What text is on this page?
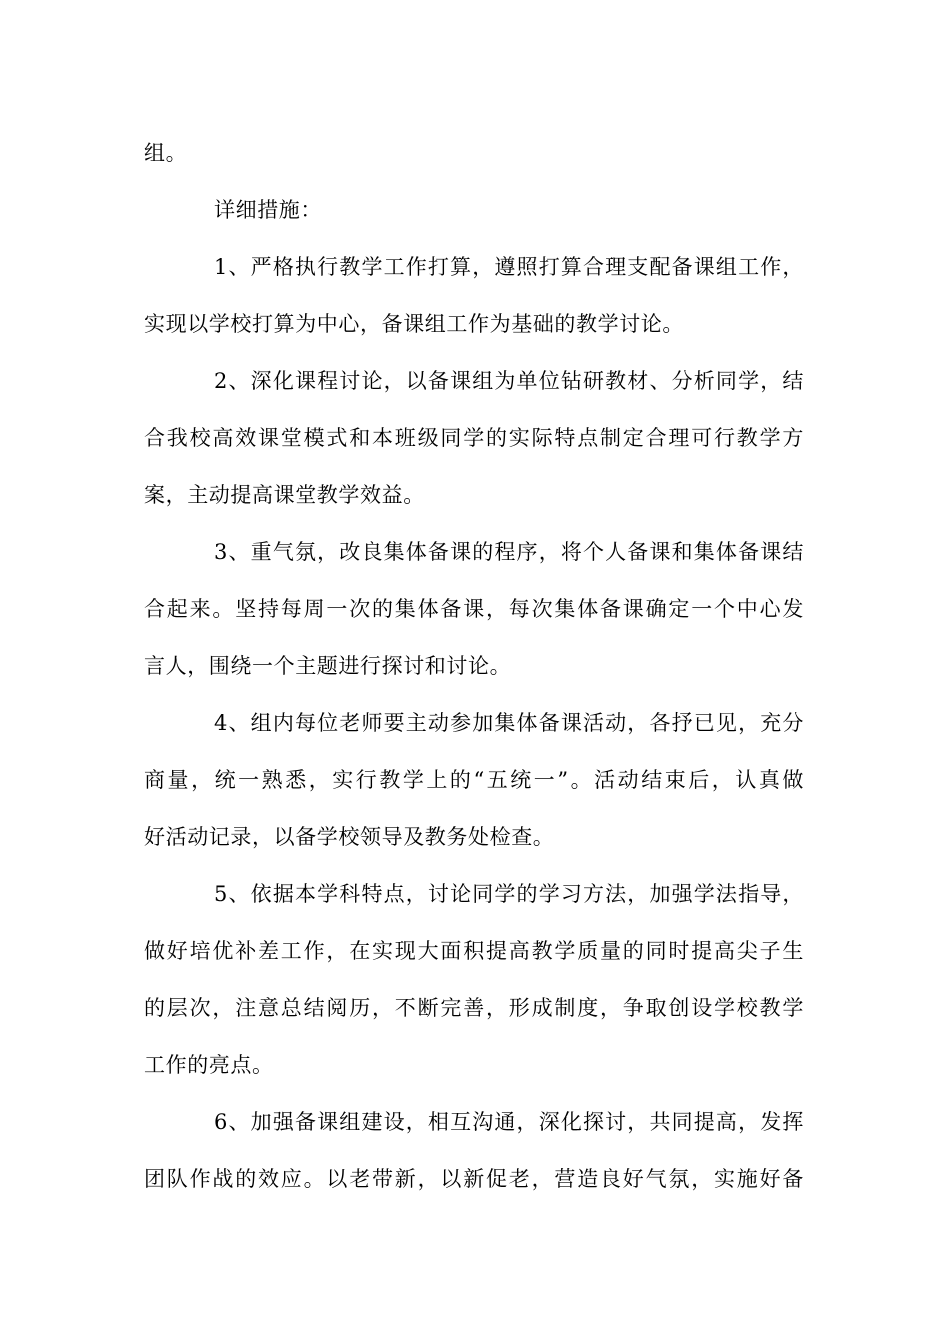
组。
详细措施：
1、严格执行教学工作打算，遵照打算合理支配备课组工作，
实现以学校打算为中心，备课组工作为基础的教学讨论。
2、深化课程讨论，以备课组为单位钻研教材、分析同学，结
合我校高效课堂模式和本班级同学的实际特点制定合理可行教学方
案，主动提高课堂教学效益。
3、重气氛，改良集体备课的程序，将个人备课和集体备课结
合起来。坚持每周一次的集体备课，每次集体备课确定一个中心发
言人，围绕一个主题进行探讨和讨论。
4、组内每位老师要主动参加集体备课活动，各抒已见，充分
商量，统一熟悉，实行教学上的“五统一”。活动结束后，认真做
好活动记录，以备学校领导及教务处检查。
5、依据本学科特点，讨论同学的学习方法，加强学法指导，
做好培优补差工作，在实现大面积提高教学质量的同时提高尖子生
的层次，注意总结阅历，不断完善，形成制度，争取创设学校教学
工作的亮点。
6、加强备课组建设，相互沟通，深化探讨，共同提高，发挥
团队作战的效应。以老带新，以新促老，营造良好气氛，实施好备
